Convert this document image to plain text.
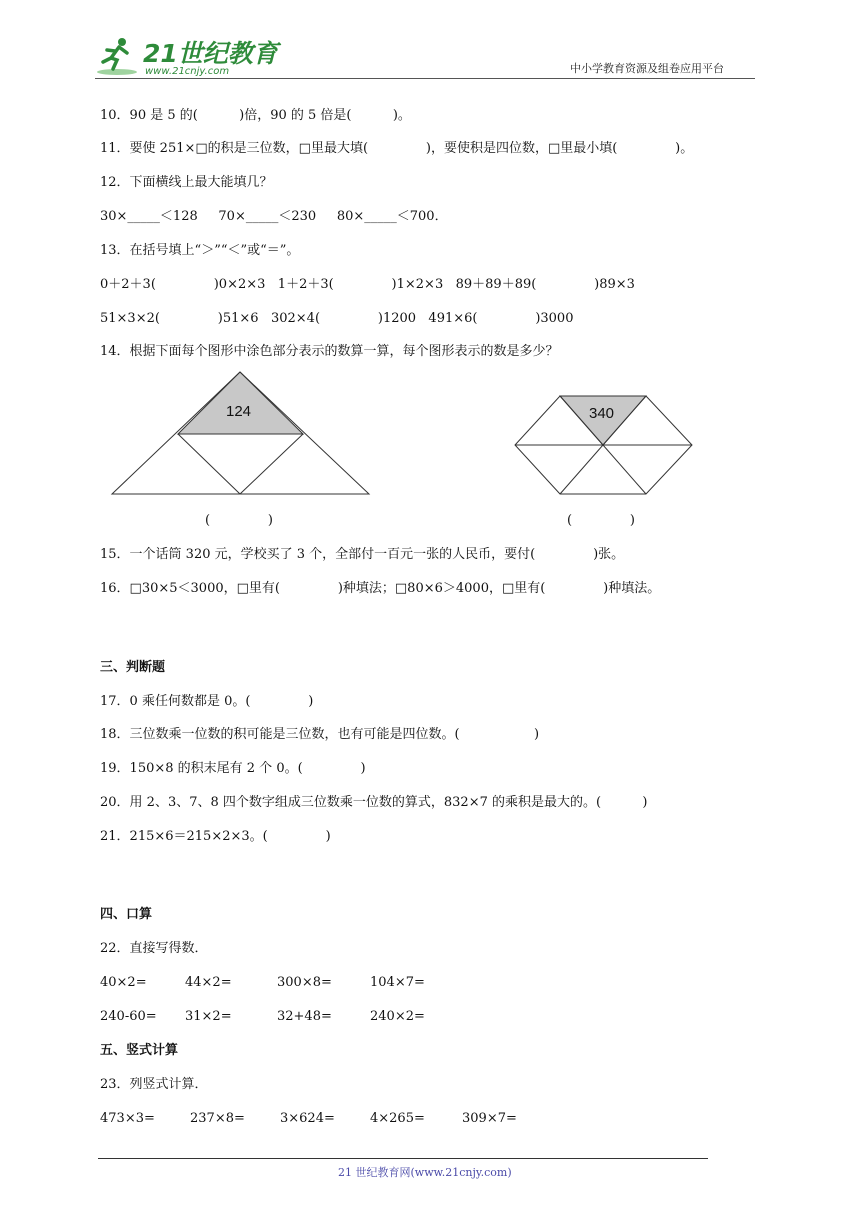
21世纪教育
www.21cnjy.com	中小学教育资源及组卷应用平台
10．90 是 5 的(          )倍，90 的 5 倍是(          )。
11．要使 251×□的积是三位数，□里最大填(              )，要使积是四位数，□里最小填(              )。
12．下面横线上最大能填几？
30×_____＜128     70×_____＜230     80×_____＜700．
13．在括号填上“＞”“＜”或“＝”。
0＋2＋3(              )0×2×3   1＋2＋3(              )1×2×3   89＋89＋89(              )89×3
51×3×2(              )51×6   302×4(              )1200   491×6(              )3000
14．根据下面每个图形中涂色部分表示的数算一算，每个图形表示的数是多少？
124	340
(              )	(              )
15．一个话筒 320 元，学校买了 3 个，全部付一百元一张的人民币，要付(              )张。
16．□30×5＜3000，□里有(              )种填法；□80×6＞4000，□里有(              )种填法。
三、判断题
17．0 乘任何数都是 0。(              )
18．三位数乘一位数的积可能是三位数，也有可能是四位数。(                  )
19．150×8 的积末尾有 2 个 0。(              )
20．用 2、3、7、8 四个数字组成三位数乘一位数的算式，832×7 的乘积是最大的。(          )
21．215×6＝215×2×3。(              )
四、口算
22．直接写得数．
40×2=	44×2=	300×8=	104×7=
240-60= 31×2=	32+48=	240×2=
五、竖式计算
23．列竖式计算．
473×3=	237×8=	3×624=	4×265=	309×7=
21 世纪教育网(www.21cnjy.com)
